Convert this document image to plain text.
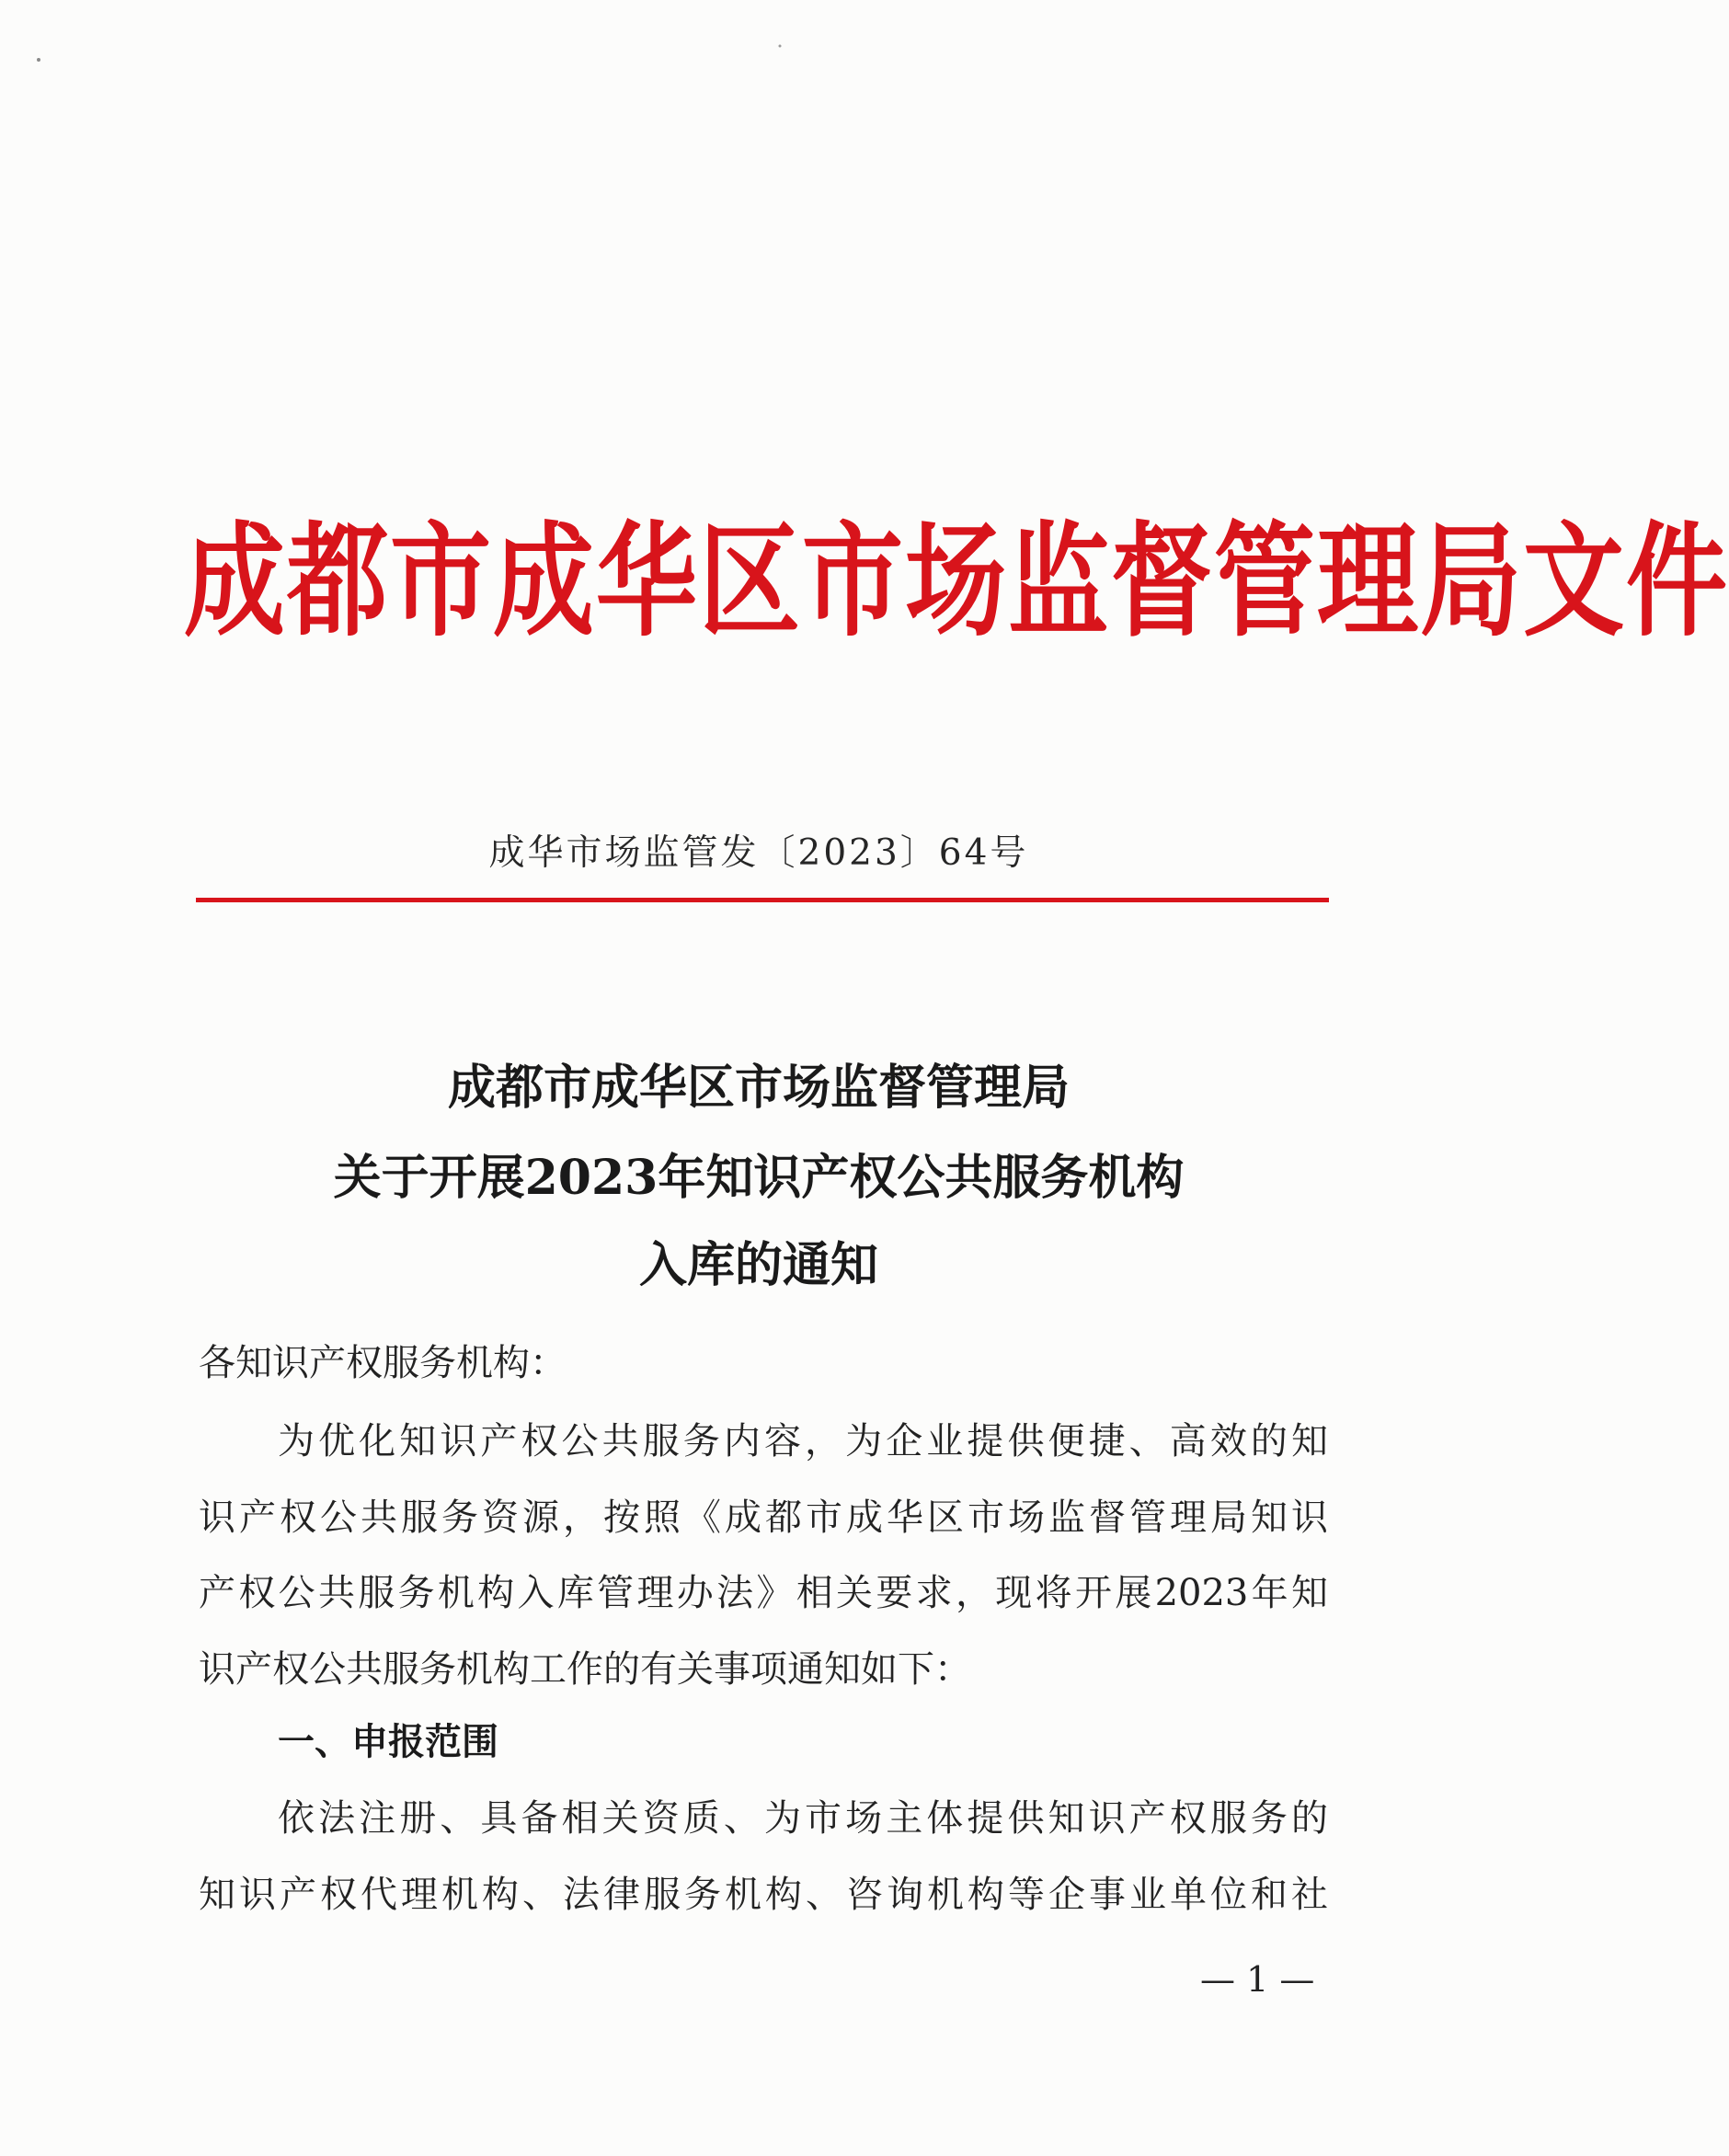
成都市成华区市场监督管理局文件
成华市场监管发〔2023〕64号
成都市成华区市场监督管理局
关于开展2023年知识产权公共服务机构
入库的通知
各知识产权服务机构：
为优化知识产权公共服务内容，为企业提供便捷、高效的知
识产权公共服务资源，按照《成都市成华区市场监督管理局知识
产权公共服务机构入库管理办法》相关要求，现将开展2023年知
识产权公共服务机构工作的有关事项通知如下：
一、申报范围
依法注册、具备相关资质、为市场主体提供知识产权服务的
知识产权代理机构、法律服务机构、咨询机构等企事业单位和社
— 1 —
